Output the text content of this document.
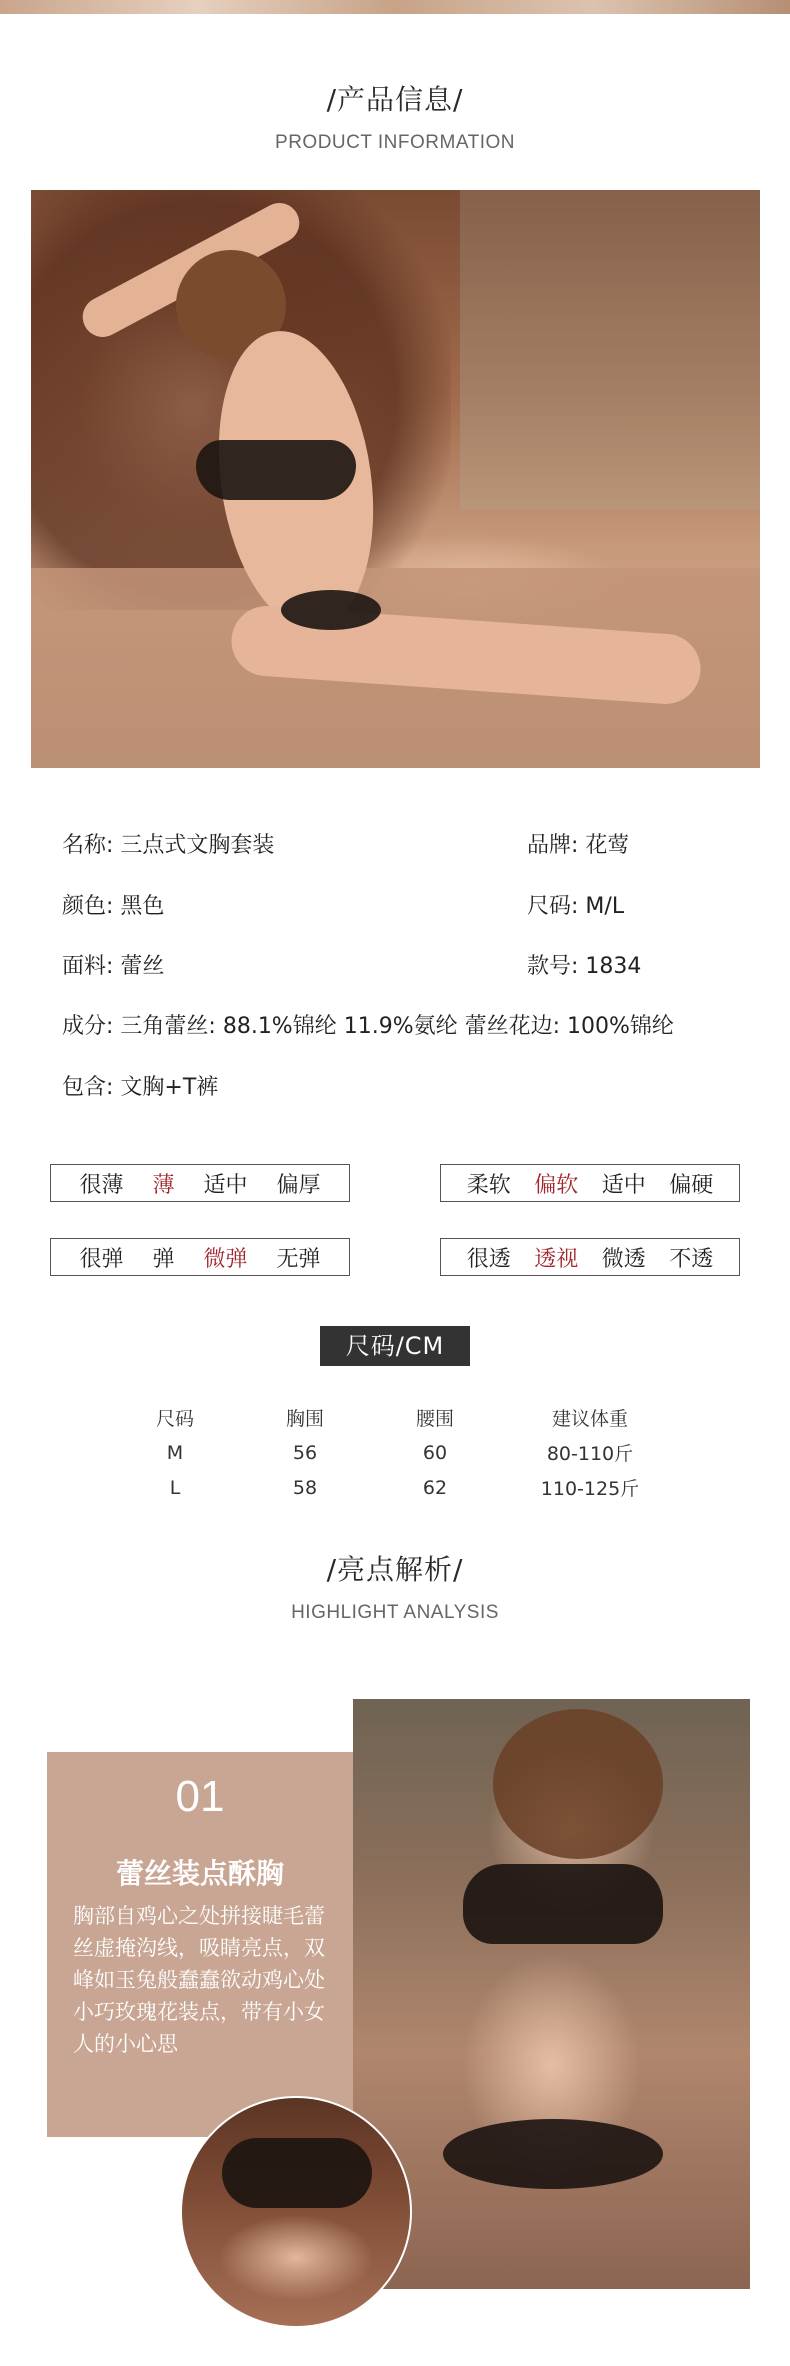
/产品信息/
PRODUCT INFORMATION
名称: 三点式文胸套装	品牌: 花莺
颜色: 黑色	尺码: M/L
面料: 蕾丝	款号: 1834
成分: 三角蕾丝: 88.1%锦纶 11.9%氨纶 蕾丝花边: 100%锦纶
包含: 文胸+T裤
很薄 薄 适中 偏厚	柔软 偏软 适中 偏硬
很弹 弹 微弹 无弹	很透 透视 微透 不透
尺码/CM
尺码	胸围	腰围	建议体重
M	56	60	80-110斤
L	58	62	110-125斤
/亮点解析/
HIGHLIGHT ANALYSIS
01
蕾丝装点酥胸
胸部自鸡心之处拼接睫毛蕾丝虚掩沟线，吸睛亮点，双峰如玉兔般蠢蠢欲动鸡心处小巧玫瑰花装点，带有小女人的小心思
